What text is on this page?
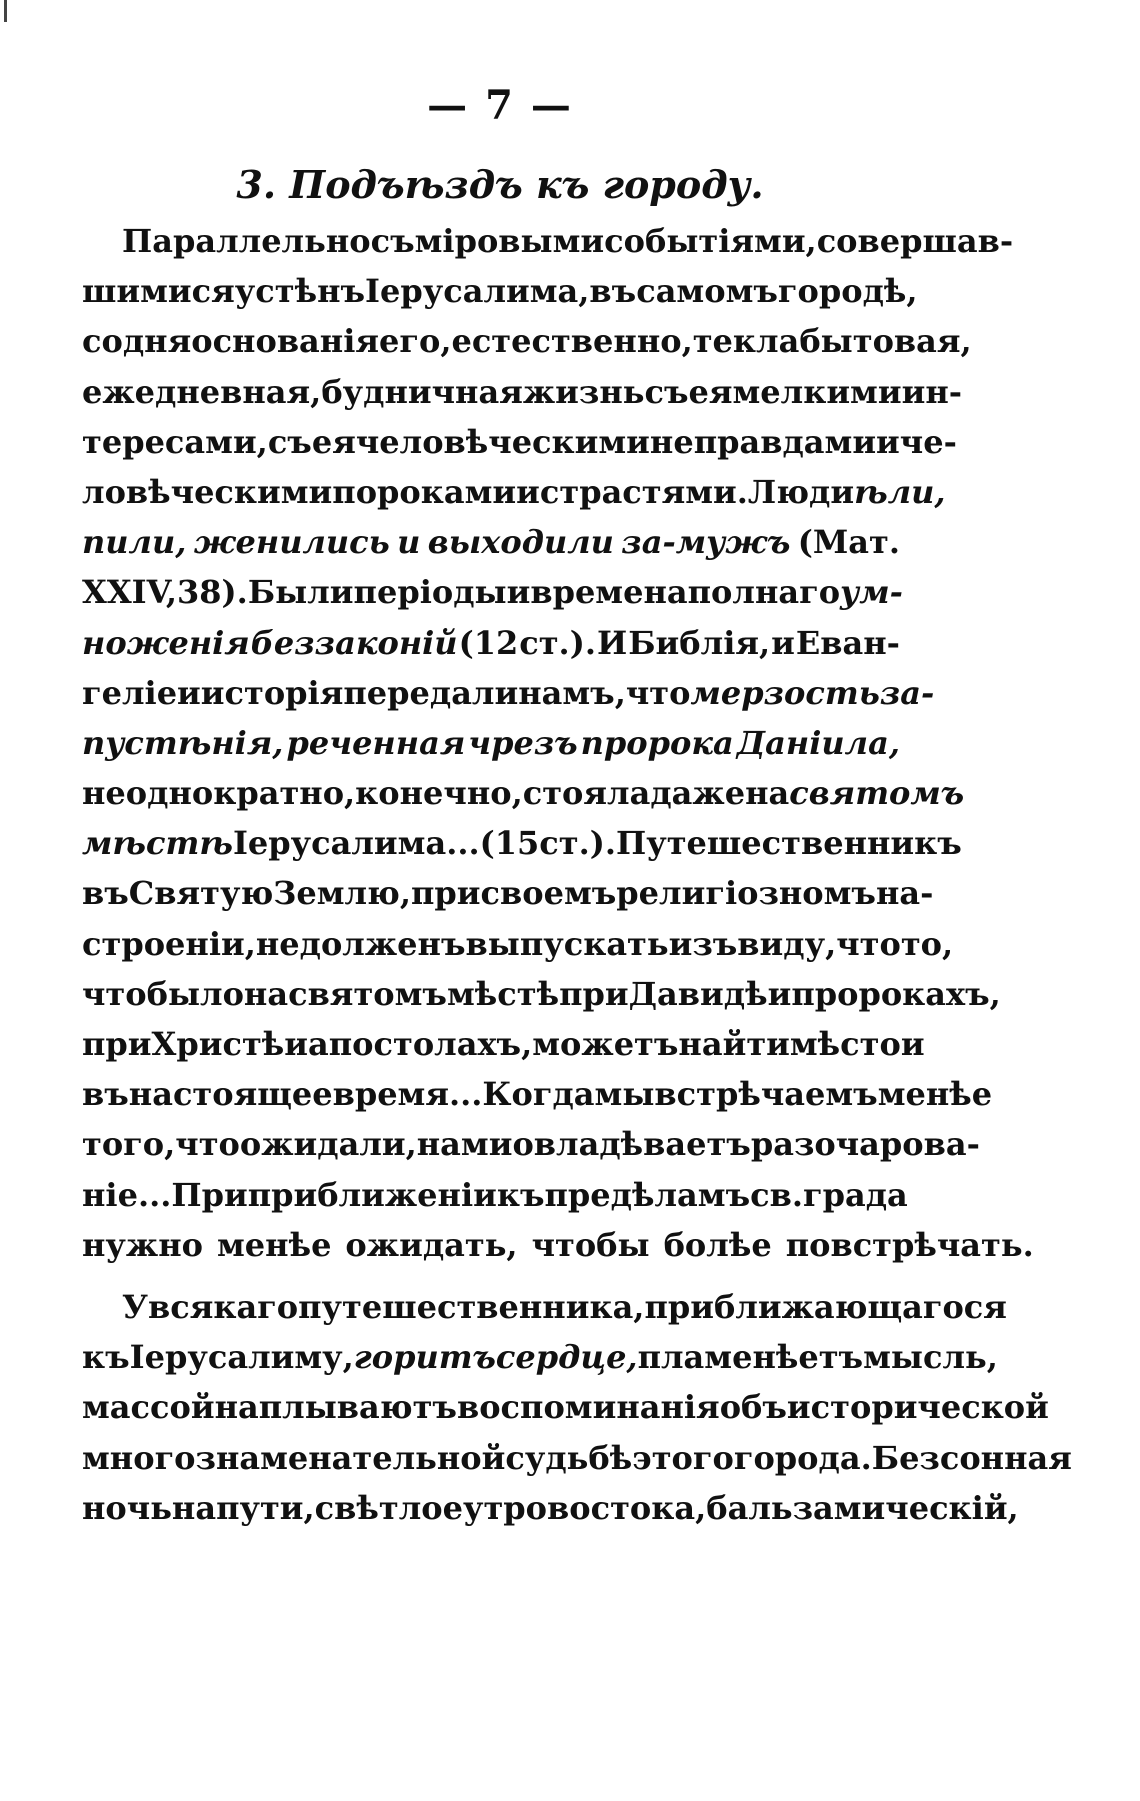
— 7 —
3. Подъѣздъ къ городу.
Параллельно съ міровыми событіями, совершав-
шимися у стѣнъ Іерусалима, въ самомъ городѣ,
со дня основанія его, естественно, текла бытовая,
ежедневная, будничная жизнь съ ея мелкими ин-
тересами, съ ея человѣческими неправдами и че-
ловѣческими пороками и страстями. Люди ѣли,
пили, женились и выходили за-мужъ (Мат.
XXIV, 38). Были періоды и времена полнаго ум-
ноженія беззаконій (12 ст.). И Библія, и Еван-
геліе и исторія передали намъ, что мерзость за-
пустѣнія, реченная чрезъ пророка Даніила,
не однократно, конечно, стояла даже на святомъ
мѣстѣ Іерусалима... (15 ст.). Путешественникъ
въ Святую Землю, при своемъ религіозномъ на-
строеніи, не долженъ выпускать изъ виду, что то,
что было на святомъ мѣстѣ при Давидѣ и пророкахъ,
при Христѣ и апостолахъ, можетъ найти мѣсто и
въ настоящее время... Когда мы встрѣчаемъ менѣе
того, что ожидали, нами овладѣваетъ разочарова-
ніе... При приближеніи къ предѣламъ св. града
нужно менѣе ожидать, чтобы болѣе повстрѣчать.
У всякаго путешественника, приближающагося
къ Іерусалиму, горитъ сердце, пламенѣетъ мысль,
массой наплываютъ воспоминанія объ исторической
многознаменательной судьбѣ этого города. Безсонная
ночь на пути, свѣтлое утро востока, бальзамическій,
